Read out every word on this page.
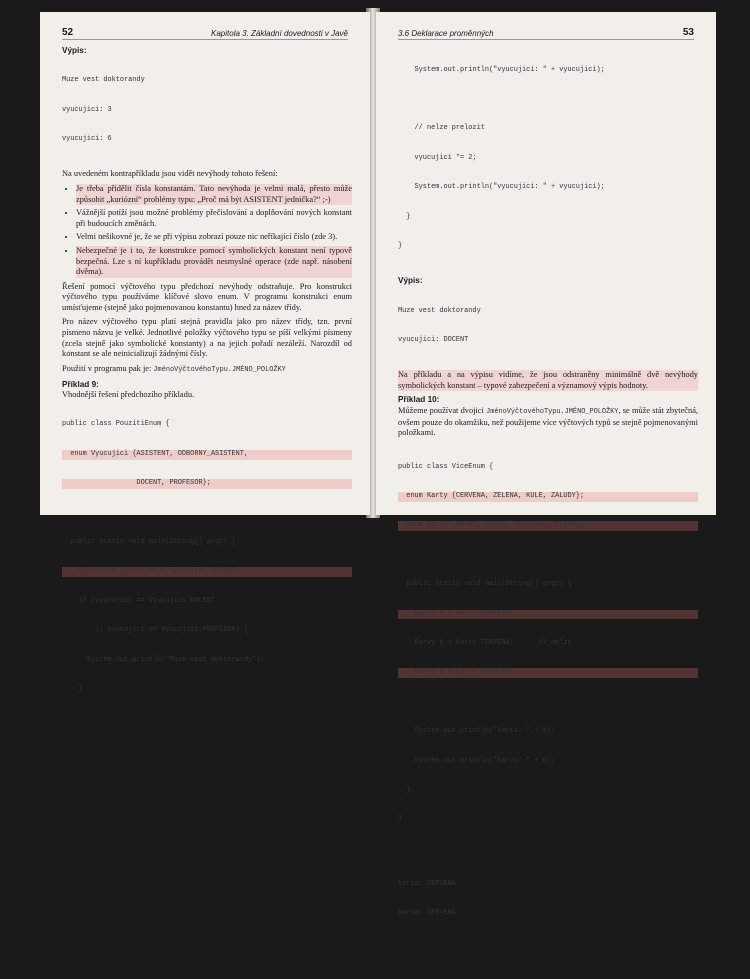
52	Kapitola 3. Základní dovednosti v Javě
Výpis:

Muze vest doktorandy

vyucujici: 3

vyucujici: 6

Na uvedeném kontrapříkladu jsou vidět nevýhody tohoto řešení:

• Je třeba přidělit čísla konstantám. Tato nevýhoda je velmi malá, přesto může způsobit „kuriózní“ problémy typu: „Proč má být ASISTENT jednička?“ ;-)
• Vážnější potíží jsou možné problémy přečíslování a doplňování nových konstant při budoucích změnách.
• Velmi nešikovné je, že se při výpisu zobrazí pouze nic neříkající číslo (zde 3).
• Nebezpečné je i to, že konstrukce pomocí symbolických konstant není typově bezpečná. Lze s ní kupříkladu provádět nesmyslné operace (zde např. násobení dvěma).

Řešení pomocí výčtového typu předchozí nevýhody odstraňuje. Pro konstrukci výčtového typu používáme klíčové slovo enum. V programu konstrukci enum umísťujeme (stejně jako pojmenovanou konstantu) hned za název třídy.

Pro název výčtového typu platí stejná pravidla jako pro název třídy, tzn. první písmeno názvu je velké. Jednotlivé položky výčtového typu se píší velkými písmeny (zcela stejně jako symbolické konstanty) a na jejich pořadí nezáleží. Narozdíl od konstant se ale neinicializují žádnými čísly.

Použití v programu pak je: JménoVýčtovéhoTypu.JMÉNO_POLOŽKY

Příklad 9:
Vhodnější řešení předchozího příkladu.

public class PouzitiEnum {

enum Vyucujici {ASISTENT, ODBORNY_ASISTENT,

DOCENT, PROFESOR};

public static void main(String[] args) {

Vyucujici vyucujici = Vyucujici.DOCENT;

if (vyucujici == Vyucujici.DOCENT

|| vyucujici == Vyucujici.PROFESOR) {

System.out.println("Muze vest doktorandy");

}

3.6 Deklarace proměnných	53

System.out.println("vyucujici: " + vyucujici);

// nelze prelozit

vyucujici *= 2;

System.out.println("vyucujici: " + vyucujici);

}

}

Výpis:

Muze vest doktorandy

vyucujici: DOCENT

Na příkladu a na výpisu vidíme, že jsou odstraněny minimálně dvě nevýhody symbolických konstant – typové zabezpečení a významový výpis hodnoty.

Příklad 10:

Můžeme používat dvojici JménoVýčtovéhoTypu.JMÉNO_POLOŽKY, se může stát zbytečná, ovšem pouze do okamžiku, než použijeme více výčtových typů se stejně pojmenovanými položkami.

public class ViceEnum {

enum Karty {CERVENA, ZELENA, KULE, ZALUDY};

enum Barvy {MODRA, ZLUTA, CERVENA, ZELENA};

public static void main(String[] args) {

Karty k = Karty.CERVENA;

Barvy b = Karty.CERVENA;      // nelze

Barvy b = Barvy.CERVENA;

System.out.println("karta: " + k);

System.out.println("barva: " + b);

}

}

Výpis:

karta: CERVENA

barva: CERVENA

Poznámka:

Všechny uváděné informace ukazují jen nejzákladnější použití enum. Výčtový typ enum umožňuje mnohem širší využití – viz např. [Pec]. □
